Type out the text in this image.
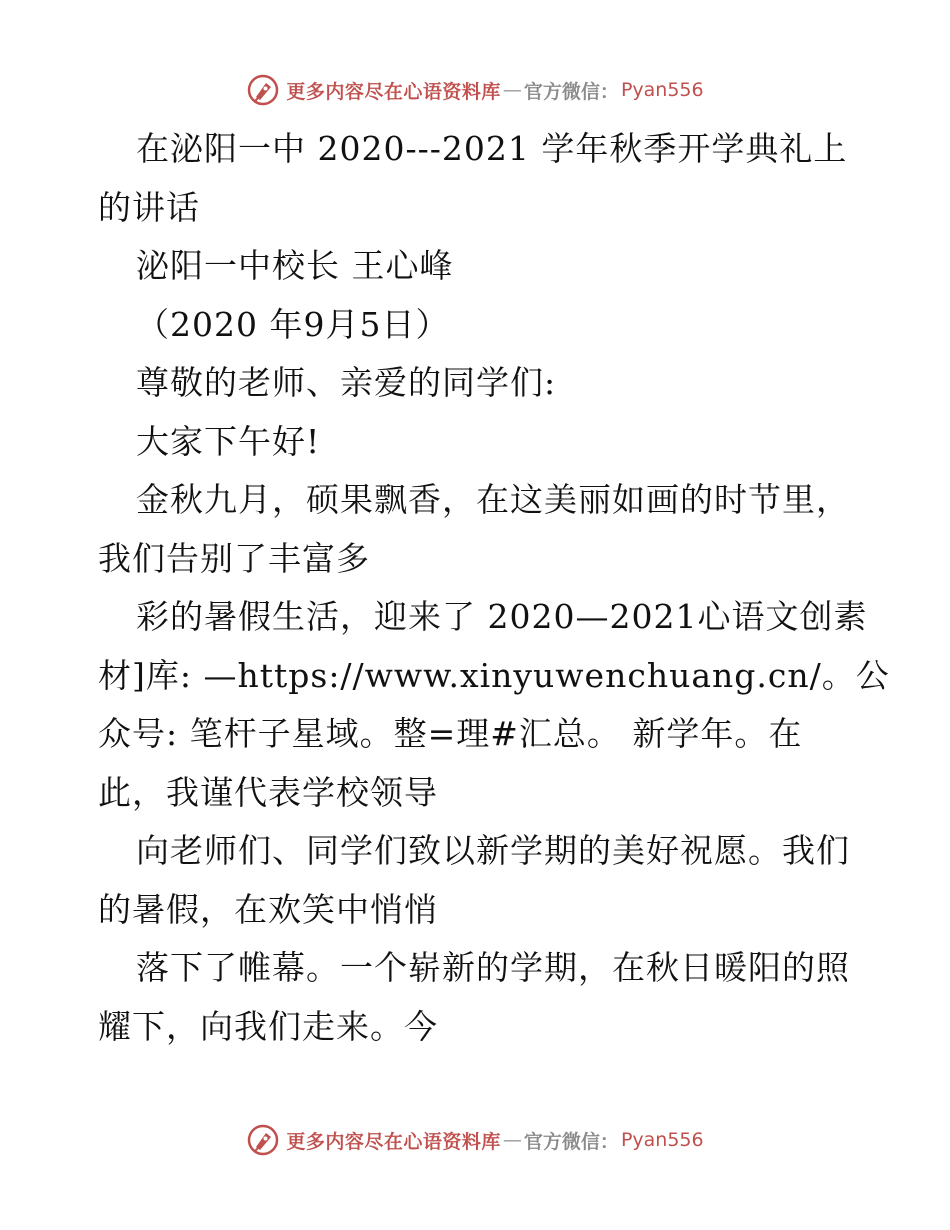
更多内容尽在心语资料库 — 官方微信： Pyan556

在泌阳一中 2020---2021 学年秋季开学典礼上

的讲话

泌阳一中校长 王心峰

（2020 年9月5日）

尊敬的老师、亲爱的同学们:

大家下午好!

金秋九月，硕果飘香，在这美丽如画的时节里，

我们告别了丰富多

彩的暑假生活，迎来了 2020—2021心语文创素

材]库: —https://www.xinyuwenchuang.cn/。公

众号: 笔杆子星域。整=理#汇总。 新学年。在

此，我谨代表学校领导

向老师们、同学们致以新学期的美好祝愿。我们

的暑假，在欢笑中悄悄

落下了帷幕。一个崭新的学期，在秋日暖阳的照

耀下，向我们走来。今

更多内容尽在心语资料库 — 官方微信： Pyan556
